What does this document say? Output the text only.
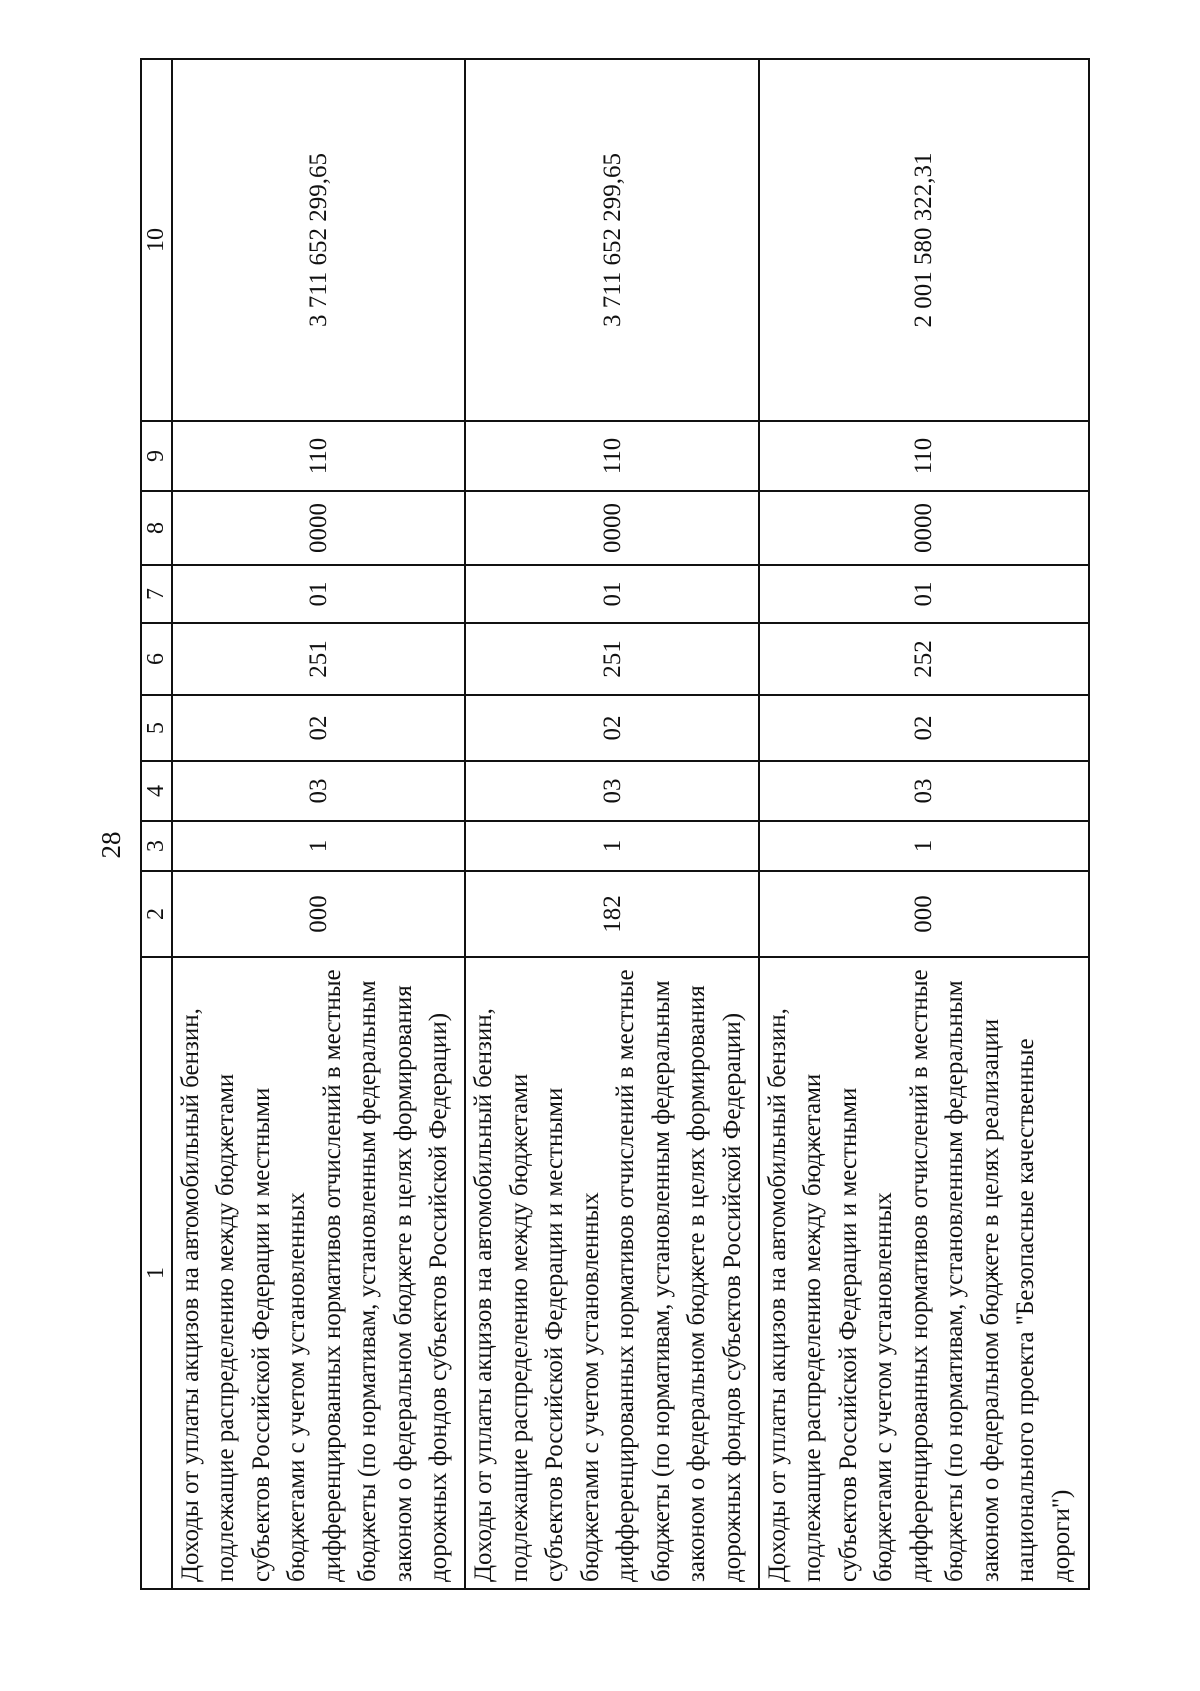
28
1	2	3	4	5	6	7	8	9	10
Доходы от уплаты акцизов на автомобильный бензин, подлежащие распределению между бюджетами субъектов Российской Федерации и местными бюджетами с учетом установленных дифференцированных нормативов отчислений в местные бюджеты (по нормативам, установленным федеральным законом о федеральном бюджете в целях формирования дорожных фондов субъектов Российской Федерации)	000	1	03	02	251	01	0000	110	3 711 652 299,65
Доходы от уплаты акцизов на автомобильный бензин, подлежащие распределению между бюджетами субъектов Российской Федерации и местными бюджетами с учетом установленных дифференцированных нормативов отчислений в местные бюджеты (по нормативам, установленным федеральным законом о федеральном бюджете в целях формирования дорожных фондов субъектов Российской Федерации)	182	1	03	02	251	01	0000	110	3 711 652 299,65
Доходы от уплаты акцизов на автомобильный бензин, подлежащие распределению между бюджетами субъектов Российской Федерации и местными бюджетами с учетом установленных дифференцированных нормативов отчислений в местные бюджеты (по нормативам, установленным федеральным законом о федеральном бюджете в целях реализации национального проекта "Безопасные качественные дороги")	000	1	03	02	252	01	0000	110	2 001 580 322,31
